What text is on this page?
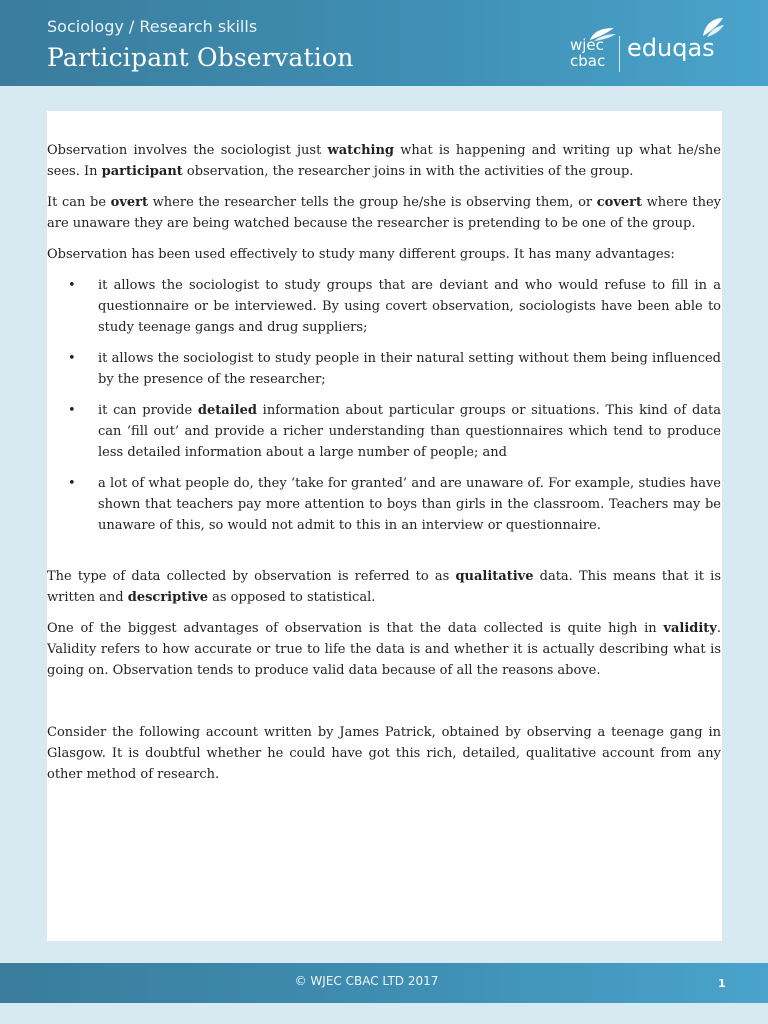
Sociology / Research skills
Participant Observation	wjec
cbac eduqas

Observation involves the sociologist just watching what is happening and writing up what he/she sees. In participant observation, the researcher joins in with the activities of the group.

It can be overt where the researcher tells the group he/she is observing them, or covert where they are unaware they are being watched because the researcher is pretending to be one of the group.

Observation has been used effectively to study many different groups. It has many advantages:

• it allows the sociologist to study groups that are deviant and who would refuse to fill in a questionnaire or be interviewed. By using covert observation, sociologists have been able to study teenage gangs and drug suppliers;
• it allows the sociologist to study people in their natural setting without them being influenced by the presence of the researcher;
• it can provide detailed information about particular groups or situations. This kind of data can ‘fill out’ and provide a richer understanding than questionnaires which tend to produce less detailed information about a large number of people; and
• a lot of what people do, they ‘take for granted’ and are unaware of. For example, studies have shown that teachers pay more attention to boys than girls in the classroom. Teachers may be unaware of this, so would not admit to this in an interview or questionnaire.

The type of data collected by observation is referred to as qualitative data. This means that it is written and descriptive as opposed to statistical.

One of the biggest advantages of observation is that the data collected is quite high in validity. Validity refers to how accurate or true to life the data is and whether it is actually describing what is going on. Observation tends to produce valid data because of all the reasons above.

Consider the following account written by James Patrick, obtained by observing a teenage gang in Glasgow. It is doubtful whether he could have got this rich, detailed, qualitative account from any other method of research.

© WJEC CBAC LTD 2017	1
